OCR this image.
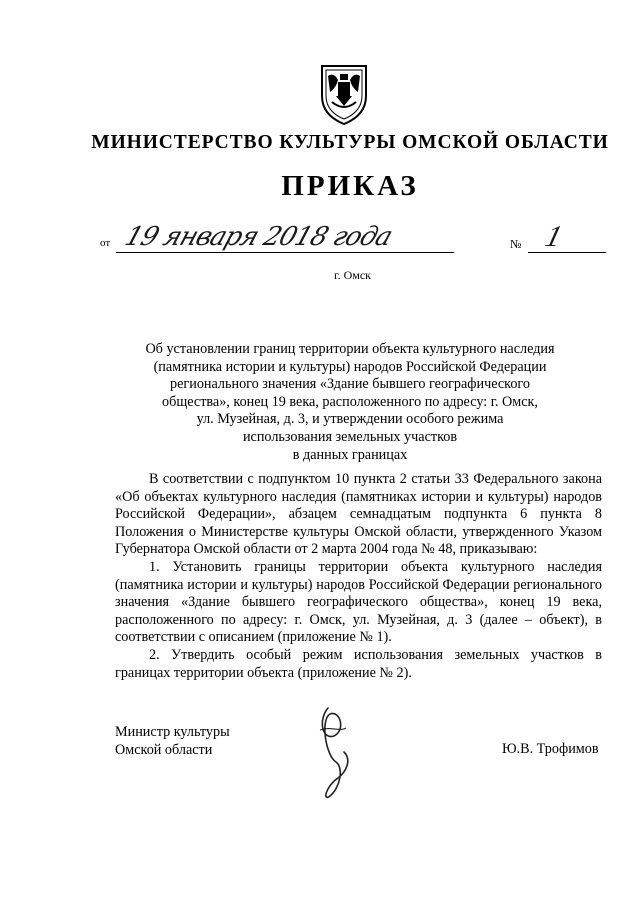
МИНИСТЕРСТВО КУЛЬТУРЫ ОМСКОЙ ОБЛАСТИ
ПРИКАЗ
от 19 января 2018 года	№ 1
г. Омск
Об установлении границ территории объекта культурного наследия
(памятника истории и культуры) народов Российской Федерации
регионального значения «Здание бывшего географического
общества», конец 19 века, расположенного по адресу: г. Омск,
ул. Музейная, д. 3, и утверждении особого режима
использования земельных участков
в данных границах

В соответствии с подпунктом 10 пункта 2 статьи 33 Федерального закона «Об объектах культурного наследия (памятниках истории и культуры) народов Российской Федерации», абзацем семнадцатым подпункта 6 пункта 8 Положения о Министерстве культуры Омской области, утвержденного Указом Губернатора Омской области от 2 марта 2004 года № 48, приказываю:

1. Установить границы территории объекта культурного наследия (памятника истории и культуры) народов Российской Федерации регионального значения «Здание бывшего географического общества», конец 19 века, расположенного по адресу: г. Омск, ул. Музейная, д. 3 (далее – объект), в соответствии с описанием (приложение № 1).

2. Утвердить особый режим использования земельных участков в границах территории объекта (приложение № 2).

Министр культуры
Омской области	Ю.В. Трофимов
